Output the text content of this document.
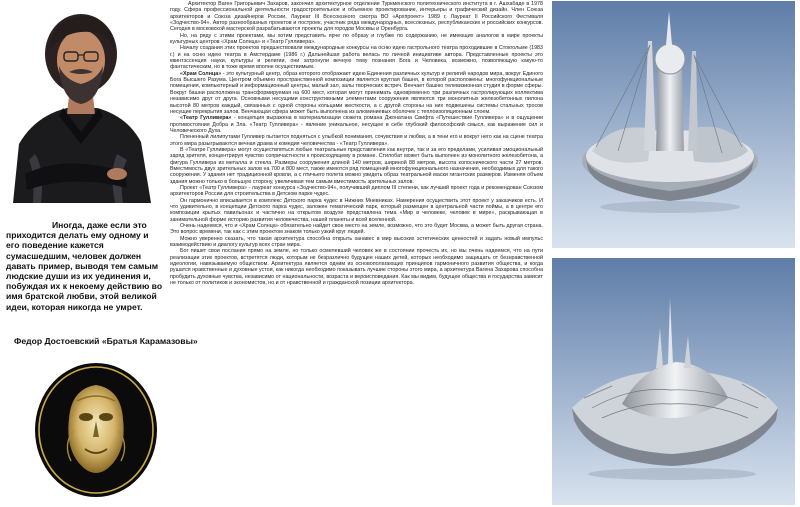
Иногда, даже если это приходится делать ему одному и его поведение кажется сумасшедшим, человек должен давать пример, выводя тем самым людские души из их уединения и, побуждая их к некоему действию во имя братской любви, этой великой идеи, которая никогда не умрет.
Федор Достоевский «Братья Карамазовы»

Архитектор Ваген Григорьевич Захаров, закончил архитектурное отделение Туркменского политехнического института в г. Ашхабаде в 1978 году. Сфера профессиональной деятельности градостроительное и объемное проектирование, интерьеры и графический дизайн. Член Союза архитекторов и Союза дизайнеров России, Лауреат III Всесоюзного смотра ВО «Архпроект» 1989 г, Лауреат II Российского Фестиваля «Зодчество-94». Автор разнообразных проектов и построек, участник ряда международных, всесоюзных, республиканских и российских конкурсов. Сегодня в московской мастерской разрабатываются проекты для городов Москвы и Оренбурга.

Но, на ряду с этими проектами, мы хотим представить ярче по образу и глубже по содержанию, не имеющих аналогов в мире проекты культурных центров «Храм Солнца» и «Театр Гулливера».

Началу создания этих проектов предшествовали международные конкурсы на осню идею гастрольного театра проходившие в Стокгольме (1983 г.) и на осню идею театра в Амстердаме (1986 г.) Дальнейшая работа велась по личной инициативе автора. Представленные проекты это квинтэссенция науки, культуры и религии, они затронули вечную тему познания Бога и Человека, возможно, позволяющую какую-то фантастическим, но в тоже время вполне осуществимым.

«Храм Солнца» - это культурный центр, образ которого отображает идею Единения различных культур и религий народов мира, вокруг Единого Бога Высшего Разума. Центром объемно пространственной композиции является круглая башня, в которой расположены: многофункциональные помещения, компьютерный и информационный центры, малый зал, залы творческих встреч. Венчает башню телевизионная студия в форме сферы. Вокруг башни расположена трансформируемая на 600 мест, которая могут принимать одновременно три различных гастролирующих коллектива независимо друг от друга. Основными несущими конструктивными элементами сооружения являются три монолитных железобетонных пилона высотой 80 метров каждый, связанных с одной стороны кольцами жесткости, а с другой стороны на них подвешены системы стальных тросов несущие перекрытия залов. Венчающая сфера может быть выполнена из алюминиевых оболочек с теплоизоляционным слоем.

«Театр Гулливера» - концепция выражена в материализации сюжета романа Джонатана Свифта «Путешествие Гулливера» и в ощущении противостояния Добра и Зла. «Театр Гулливера» - явление уникальное, несущее в себе глубокий философский смысл, как выражение сил и Человеческого Духа.

Плененный лилипутами Гулливер пытается подняться с улыбкой понимания, сочувствия и любви, а в тени его и вокруг него как на сцене театра этого мира разыгрываются вечная драма и комедия человечества - «Театр Гулливера».

В «Театре Гулливера» могут осуществляться любые театральные представления как внутри, так и за его пределами, усиливая эмоциональный заряд зрителя, концентрируя чувство сопричастности к происходящему в романе. Стилобат может быть выполнен из монолитного железобетона, а фигура Гулливера из металла и стекла. Размеры сооружения длиной 140 метров, шириной 88 метров, высота колоснического части 27 метров. Вместимость двух зрительных залов на 700 и 800 мест, также имеются ряд помещений многофункционального назначения, необходимых для такого сооружения. У здания нет традиционной кровли, а с птичьего полета можно увидеть образ театральной маски гигантских размеров. Изменяя объем здания можно только в большую сторону, увеличивая тем самым вместимость зрительных залов.

Проект «Театр Гулливера» - лауреат конкурса «Зодчество-94», получивший диплом III степени, как лучший проект года и рекомендован Союзом архитекторов России для строительства в Детском парке чудес.

Он гармонично вписывается в комплекс Детского парка чудес в Нижних Мневниках. Намерения осуществить этот проект у заказчиков есть. И что удивительно, в концепции Детского парка чудес, заложен тематический парк, который размещен в центральной части поймы, а в центре его композиции крытых павильонах и частично на открытом воздухе представлена тема «Мир в человеке, человек в мире», раскрывающая в занимательной форме историю развития человечества, нашей планеты и всей вселенной.

Очень надеемся, что и «Храм Солнца» обязательно найдет свое место на земле, возможно, что это будет Москва, а может быть другая страна. Это вопрос времени, так как с этим проектом знаком только узкий круг людей.

Можно уверенно сказать, что такая архитектура способна открыть занавес в мир высоких эстетических ценностей и задать новый импульс взаимодействию и диалогу культур всех стран мира.

Бог пишет свои послания прямо на земле, но только осмелевший человек же в состоянии прочесть их, но мы очень надеемся, что на пути реализации этих проектов, встретятся люди, которым не безразлично будущее наших детей, которых необходимо защищать от безнравственной идеологии, навязываемую обществом. Архитектура является одним из основополагающих принципов гармоничного развития общества, и когда рушатся нравственные и духовные устои, как никогда необходимо показывать лучшие стороны этого мира, а архитектура Вагена Захарова способна пробудить духовные чувства, независимо от национальности, возраста и вероисповедания. Как мы видим, будущее общества и государства зависит не только от политиков и экономистов, но и от нравственной и гражданской позиции архитектора.
